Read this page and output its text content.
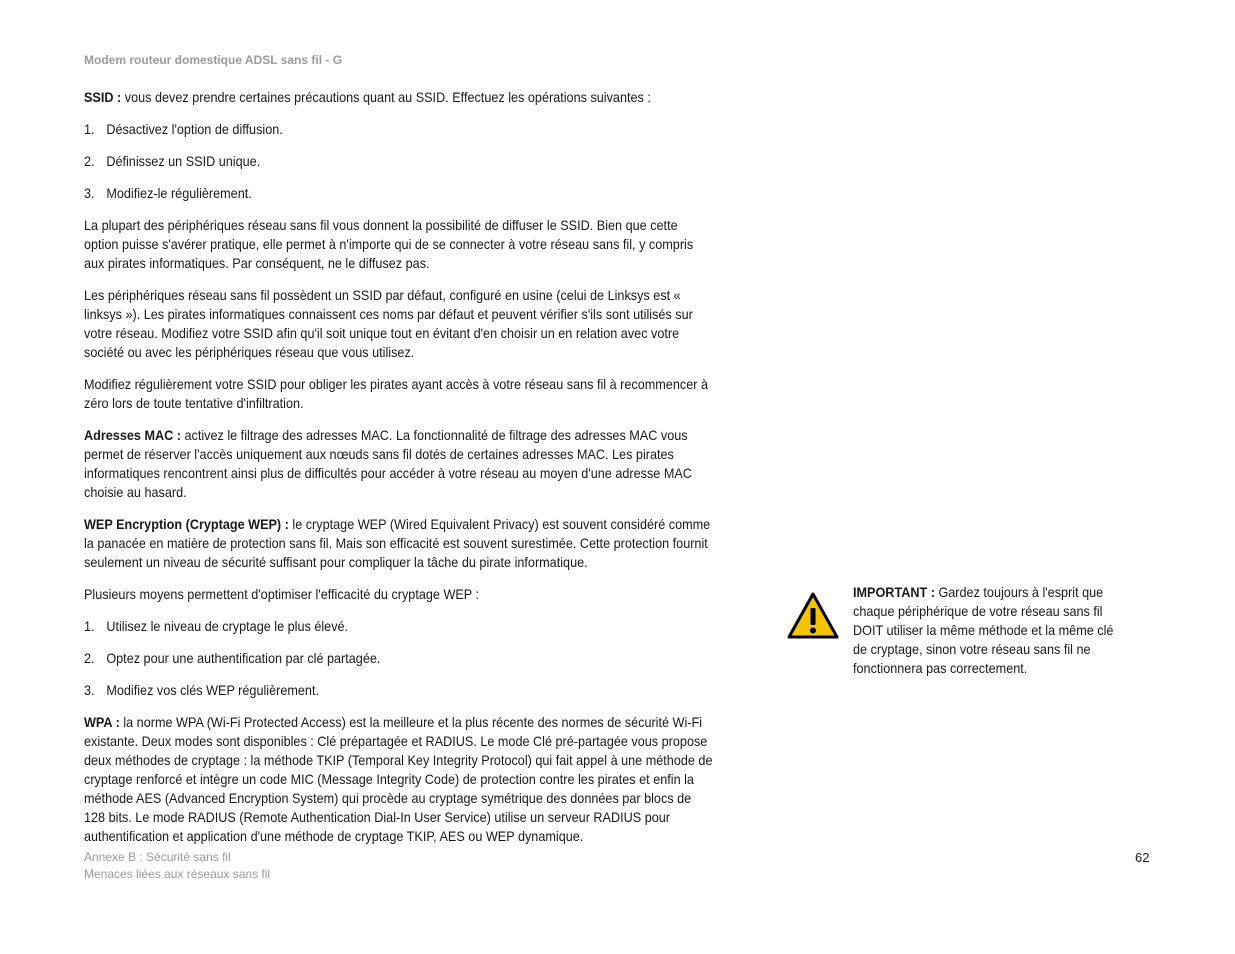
Modem routeur domestique ADSL sans fil - G

SSID : vous devez prendre certaines précautions quant au SSID. Effectuez les opérations suivantes :

1. Désactivez l'option de diffusion.
2. Définissez un SSID unique.
3. Modifiez-le régulièrement.

La plupart des périphériques réseau sans fil vous donnent la possibilité de diffuser le SSID. Bien que cette option puisse s'avérer pratique, elle permet à n'importe qui de se connecter à votre réseau sans fil, y compris aux pirates informatiques. Par conséquent, ne le diffusez pas.

Les périphériques réseau sans fil possèdent un SSID par défaut, configuré en usine (celui de Linksys est « linksys »). Les pirates informatiques connaissent ces noms par défaut et peuvent vérifier s'ils sont utilisés sur votre réseau. Modifiez votre SSID afin qu'il soit unique tout en évitant d'en choisir un en relation avec votre société ou avec les périphériques réseau que vous utilisez.

Modifiez régulièrement votre SSID pour obliger les pirates ayant accès à votre réseau sans fil à recommencer à zéro lors de toute tentative d'infiltration.

Adresses MAC : activez le filtrage des adresses MAC. La fonctionnalité de filtrage des adresses MAC vous permet de réserver l'accès uniquement aux nœuds sans fil dotés de certaines adresses MAC. Les pirates informatiques rencontrent ainsi plus de difficultés pour accéder à votre réseau au moyen d'une adresse MAC choisie au hasard.

WEP Encryption (Cryptage WEP) : le cryptage WEP (Wired Equivalent Privacy) est souvent considéré comme la panacée en matière de protection sans fil. Mais son efficacité est souvent surestimée. Cette protection fournit seulement un niveau de sécurité suffisant pour compliquer la tâche du pirate informatique.

Plusieurs moyens permettent d'optimiser l'efficacité du cryptage WEP :

1. Utilisez le niveau de cryptage le plus élevé.
2. Optez pour une authentification par clé partagée.
3. Modifiez vos clés WEP régulièrement.

WPA : la norme WPA (Wi-Fi Protected Access) est la meilleure et la plus récente des normes de sécurité Wi-Fi existante. Deux modes sont disponibles : Clé prépartagée et RADIUS. Le mode Clé pré-partagée vous propose deux méthodes de cryptage : la méthode TKIP (Temporal Key Integrity Protocol) qui fait appel à une méthode de cryptage renforcé et intègre un code MIC (Message Integrity Code) de protection contre les pirates et enfin la méthode AES (Advanced Encryption System) qui procède au cryptage symétrique des données par blocs de 128 bits. Le mode RADIUS (Remote Authentication Dial-In User Service) utilise un serveur RADIUS pour authentification et application d'une méthode de cryptage TKIP, AES ou WEP dynamique.

IMPORTANT : Gardez toujours à l'esprit que chaque périphérique de votre réseau sans fil DOIT utiliser la même méthode et la même clé de cryptage, sinon votre réseau sans fil ne fonctionnera pas correctement.
Annexe B : Sécurité sans fil
Menaces liées aux réseaux sans fil
62
